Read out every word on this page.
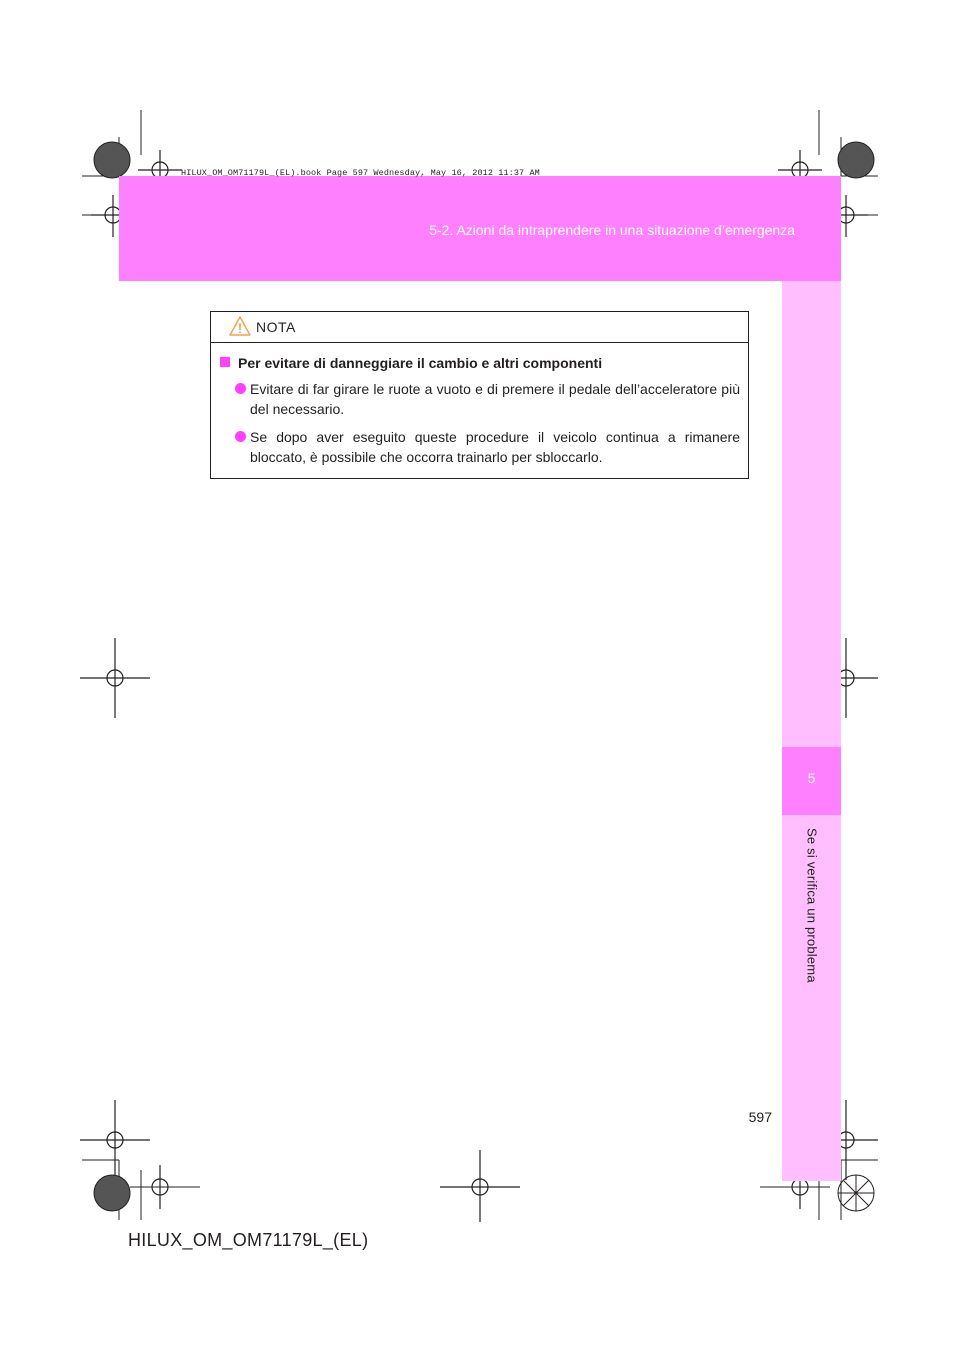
5-2. Azioni da intraprendere in una situazione d’emergenza
HILUX_OM_OM71179L_(EL).book Page 597 Wednesday, May 16, 2012 11:37 AM
5
Se si verifica un problema
NOTA
Per evitare di danneggiare il cambio e altri componenti
Evitare di far girare le ruote a vuoto e di premere il pedale dell’acceleratore più del necessario.
Se dopo aver eseguito queste procedure il veicolo continua a rimanere bloccato, è possibile che occorra trainarlo per sbloccarlo.
597
HILUX_OM_OM71179L_(EL)
